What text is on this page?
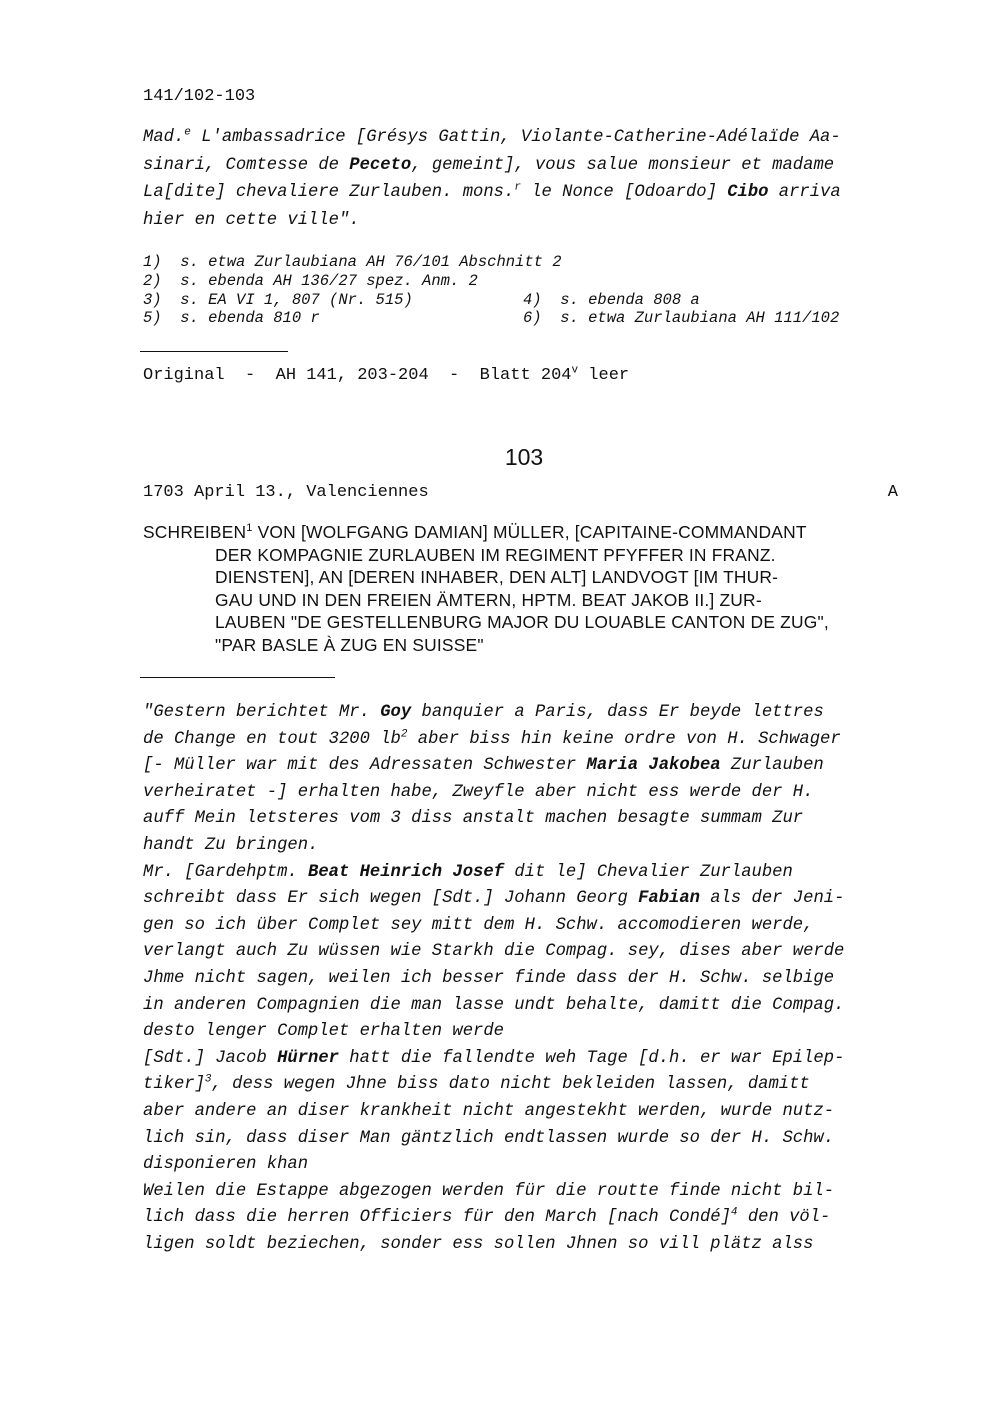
141/102-103
Mad.$^e$ L'ambassadrice [Grésys Gattin, Violante-Catherine-Adélaïde Aa-
sinari, Comtesse de Peceto, gemeint], vous salue monsieur et madame
La[dite] chevaliere Zurlauben. mons.$^r$ le Nonce [Odoardo] Cibo arriva
hier en cette ville".
1)  s. etwa Zurlaubiana AH 76/101 Abschnitt 2
2)  s. ebenda AH 136/27 spez. Anm. 2
3)  s. EA VI 1, 807 (Nr. 515)	4)  s. ebenda 808 a
5)  s. ebenda 810 r	6)  s. etwa Zurlaubiana AH 111/102
Original  -  AH 141, 203-204  -  Blatt 204$^v$ leer
103
1703 April 13., Valenciennes	A
SCHREIBEN$^1$ VON [WOLFGANG DAMIAN] MÜLLER, [CAPITAINE-COMMANDANT
DER KOMPAGNIE ZURLAUBEN IM REGIMENT PFYFFER IN FRANZ.
DIENSTEN], AN [DEREN INHABER, DEN ALT] LANDVOGT [IM THUR-
GAU UND IN DEN FREIEN ÄMTERN, HPTM. BEAT JAKOB II.] ZUR-
LAUBEN "DE GESTELLENBURG MAJOR DU LOUABLE CANTON DE ZUG",
"PAR BASLE À ZUG EN SUISSE"
"Gestern berichtet Mr. Goy banquier a Paris, dass Er beyde lettres
de Change en tout 3200 $lb^2$ aber biss hin keine ordre von H. Schwager
[- Müller war mit des Adressaten Schwester Maria Jakobea Zurlauben
verheiratet -] erhalten habe, Zweyfle aber nicht ess werde der H.
auff Mein letsteres vom 3 diss anstalt machen besagte summam Zur
handt Zu bringen.
Mr. [Gardehptm. Beat Heinrich Josef dit le] Chevalier Zurlauben
schreibt dass Er sich wegen [Sdt.] Johann Georg Fabian als der Jeni-
gen so ich über Complet sey mitt dem H. Schw. accomodieren werde,
verlangt auch Zu wüssen wie Starkh die Compag. sey, dises aber werde
Jhme nicht sagen, weilen ich besser finde dass der H. Schw. selbige
in anderen Compagnien die man lasse undt behalte, damitt die Compag.
desto lenger Complet erhalten werde
[Sdt.] Jacob Hürner hatt die fallendte weh Tage [d.h. er war Epilep-
tiker]$^3$, dess wegen Jhne biss dato nicht bekleiden lassen, damitt
aber andere an diser krankheit nicht angestekht werden, wurde nutz-
lich sin, dass diser Man gäntzlich endtlassen wurde so der H. Schw.
disponieren khan
Weilen die Estappe abgezogen werden für die routte finde nicht bil-
lich dass die herren Officiers für den March [nach Condé]$^4$ den völ-
ligen soldt beziechen, sonder ess sollen Jhnen so vill plätz alss
